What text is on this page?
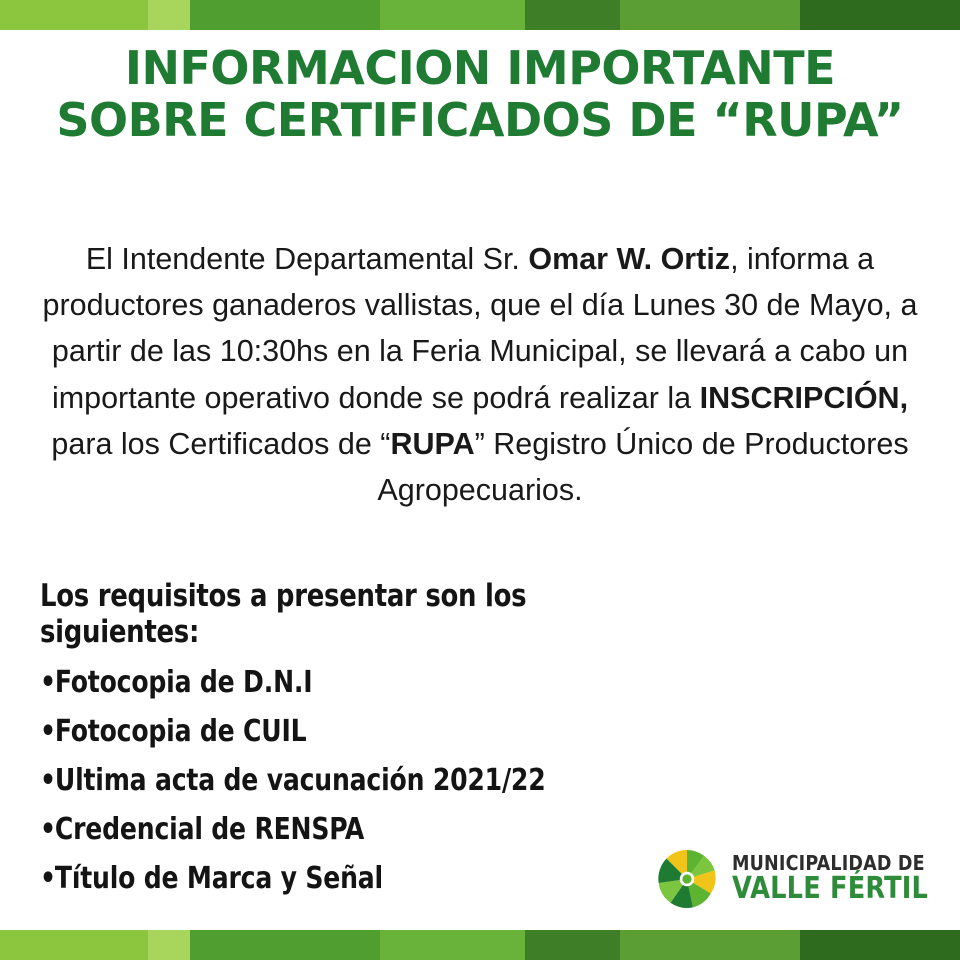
INFORMACION IMPORTANTE
SOBRE CERTIFICADOS DE “RUPA”

El Intendente Departamental Sr. Omar W. Ortiz, informa a productores ganaderos vallistas, que el día Lunes 30 de Mayo, a partir de las 10:30hs en la Feria Municipal, se llevará a cabo un importante operativo donde se podrá realizar la INSCRIPCIÓN, para los Certificados de “RUPA” Registro Único de Productores Agropecuarios.

Los requisitos a presentar son los siguientes:
• Fotocopia de D.N.I
• Fotocopia de CUIL
• Ultima acta de vacunación 2021/22
• Credencial de RENSPA
• Título de Marca y Señal	MUNICIPALIDAD DE
VALLE FÉRTIL
